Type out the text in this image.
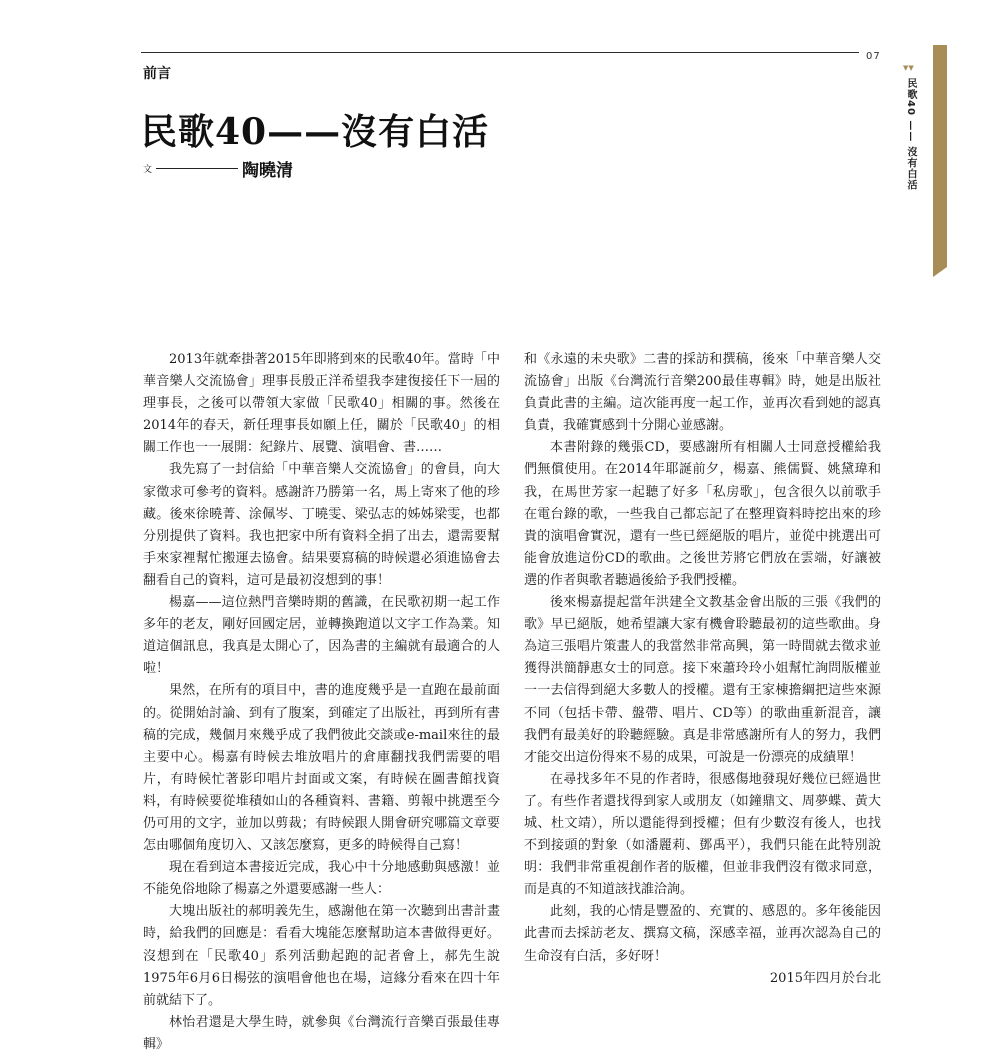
07
前言
民歌40——沒有白活
文	陶曉清
▼▼
民歌40 —— 沒有白活

2013年就牽掛著2015年即將到來的民歌40年。當時「中華音樂人交流協會」理事長殷正洋希望我李建復接任下一屆的理事長，之後可以帶領大家做「民歌40」相關的事。然後在2014年的春天，新任理事長如願上任，關於「民歌40」的相關工作也一一展開：紀錄片、展覽、演唱會、書……

我先寫了一封信給「中華音樂人交流協會」的會員，向大家徵求可參考的資料。感謝許乃勝第一名，馬上寄來了他的珍藏。後來徐曉菁、涂佩岑、丁曉雯、梁弘志的姊姊梁雯，也都分別提供了資料。我也把家中所有資料全捐了出去，還需要幫手來家裡幫忙搬運去協會。結果要寫稿的時候還必須進協會去翻看自己的資料，這可是最初沒想到的事！

楊嘉——這位熱門音樂時期的舊識，在民歌初期一起工作多年的老友，剛好回國定居，並轉換跑道以文字工作為業。知道這個訊息，我真是太開心了，因為書的主編就有最適合的人啦！

果然，在所有的項目中，書的進度幾乎是一直跑在最前面的。從開始討論、到有了腹案，到確定了出版社，再到所有書稿的完成，幾個月來幾乎成了我們彼此交談或e-mail來往的最主要中心。楊嘉有時候去堆放唱片的倉庫翻找我們需要的唱片，有時候忙著影印唱片封面或文案，有時候在圖書館找資料，有時候要從堆積如山的各種資料、書籍、剪報中挑選至今仍可用的文字，並加以剪裁；有時候跟人開會研究哪篇文章要怎由哪個角度切入、又該怎麼寫，更多的時候得自己寫！

現在看到這本書接近完成，我心中十分地感動與感激！並不能免俗地除了楊嘉之外還要感謝一些人：

大塊出版社的郝明義先生，感謝他在第一次聽到出書計畫時，給我們的回應是：看看大塊能怎麼幫助這本書做得更好。沒想到在「民歌40」系列活動起跑的記者會上，郝先生說1975年6月6日楊弦的演唱會他也在場，這緣分看來在四十年前就結下了。

林怡君還是大學生時，就參與《台灣流行音樂百張最佳專輯》

和《永遠的未央歌》二書的採訪和撰稿，後來「中華音樂人交流協會」出版《台灣流行音樂200最佳專輯》時，她是出版社負責此書的主編。這次能再度一起工作，並再次看到她的認真負責，我確實感到十分開心並感謝。

本書附錄的幾張CD，要感謝所有相關人士同意授權給我們無償使用。在2014年耶誕前夕，楊嘉、熊儒賢、姚黛瑋和我，在馬世芳家一起聽了好多「私房歌」，包含很久以前歌手在電台錄的歌，一些我自己都忘記了在整理資料時挖出來的珍貴的演唱會實況，還有一些已經絕版的唱片，並從中挑選出可能會放進這份CD的歌曲。之後世芳將它們放在雲端，好讓被選的作者與歌者聽過後給予我們授權。

後來楊嘉提起當年洪建全文教基金會出版的三張《我們的歌》早已絕版，她希望讓大家有機會聆聽最初的這些歌曲。身為這三張唱片策畫人的我當然非常高興，第一時間就去徵求並獲得洪簡靜惠女士的同意。接下來蕭玲玲小姐幫忙詢問版權並一一去信得到絕大多數人的授權。還有王家棟擔綱把這些來源不同（包括卡帶、盤帶、唱片、CD等）的歌曲重新混音，讓我們有最美好的聆聽經驗。真是非常感謝所有人的努力，我們才能交出這份得來不易的成果，可說是一份漂亮的成績單！

在尋找多年不見的作者時，很感傷地發現好幾位已經過世了。有些作者還找得到家人或朋友（如鐘鼎文、周夢蝶、黃大城、杜文靖），所以還能得到授權；但有少數沒有後人，也找不到接頭的對象（如潘麗莉、鄧禹平），我們只能在此特別說明：我們非常重視創作者的版權，但並非我們沒有徵求同意，而是真的不知道該找誰洽詢。

此刻，我的心情是豐盈的、充實的、感恩的。多年後能因此書而去採訪老友、撰寫文稿，深感幸福，並再次認為自己的生命沒有白活，多好呀！

2015年四月於台北
